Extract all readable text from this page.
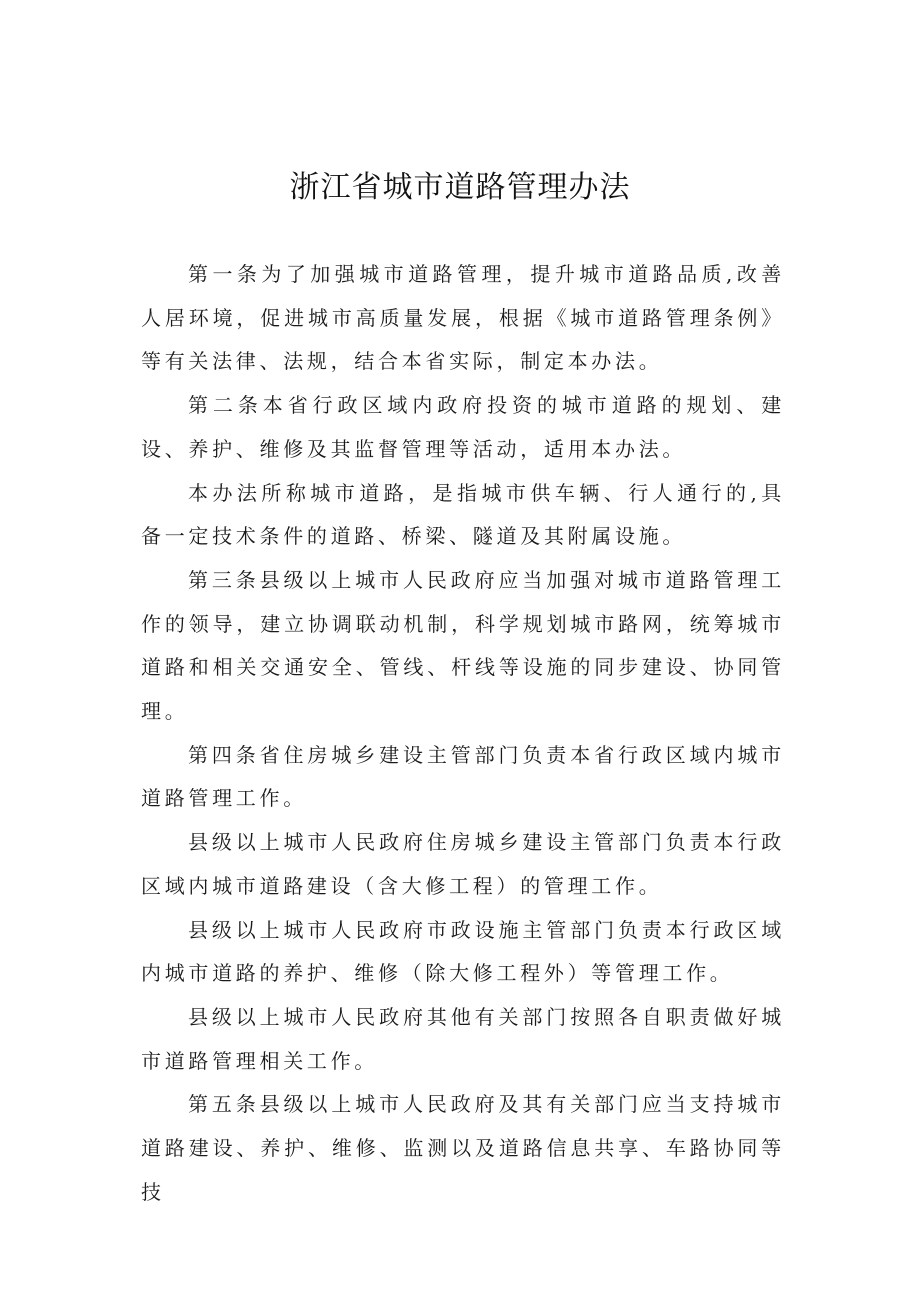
浙江省城市道路管理办法

第一条为了加强城市道路管理，提升城市道路品质,改善人居环境，促进城市高质量发展，根据《城市道路管理条例》等有关法律、法规，结合本省实际，制定本办法。

第二条本省行政区域内政府投资的城市道路的规划、建设、养护、维修及其监督管理等活动，适用本办法。

本办法所称城市道路，是指城市供车辆、行人通行的,具备一定技术条件的道路、桥梁、隧道及其附属设施。

第三条县级以上城市人民政府应当加强对城市道路管理工作的领导，建立协调联动机制，科学规划城市路网，统筹城市道路和相关交通安全、管线、杆线等设施的同步建设、协同管理。

第四条省住房城乡建设主管部门负责本省行政区域内城市道路管理工作。

县级以上城市人民政府住房城乡建设主管部门负责本行政区域内城市道路建设（含大修工程）的管理工作。

县级以上城市人民政府市政设施主管部门负责本行政区域内城市道路的养护、维修（除大修工程外）等管理工作。

县级以上城市人民政府其他有关部门按照各自职责做好城市道路管理相关工作。

第五条县级以上城市人民政府及其有关部门应当支持城市道路建设、养护、维修、监测以及道路信息共享、车路协同等技
